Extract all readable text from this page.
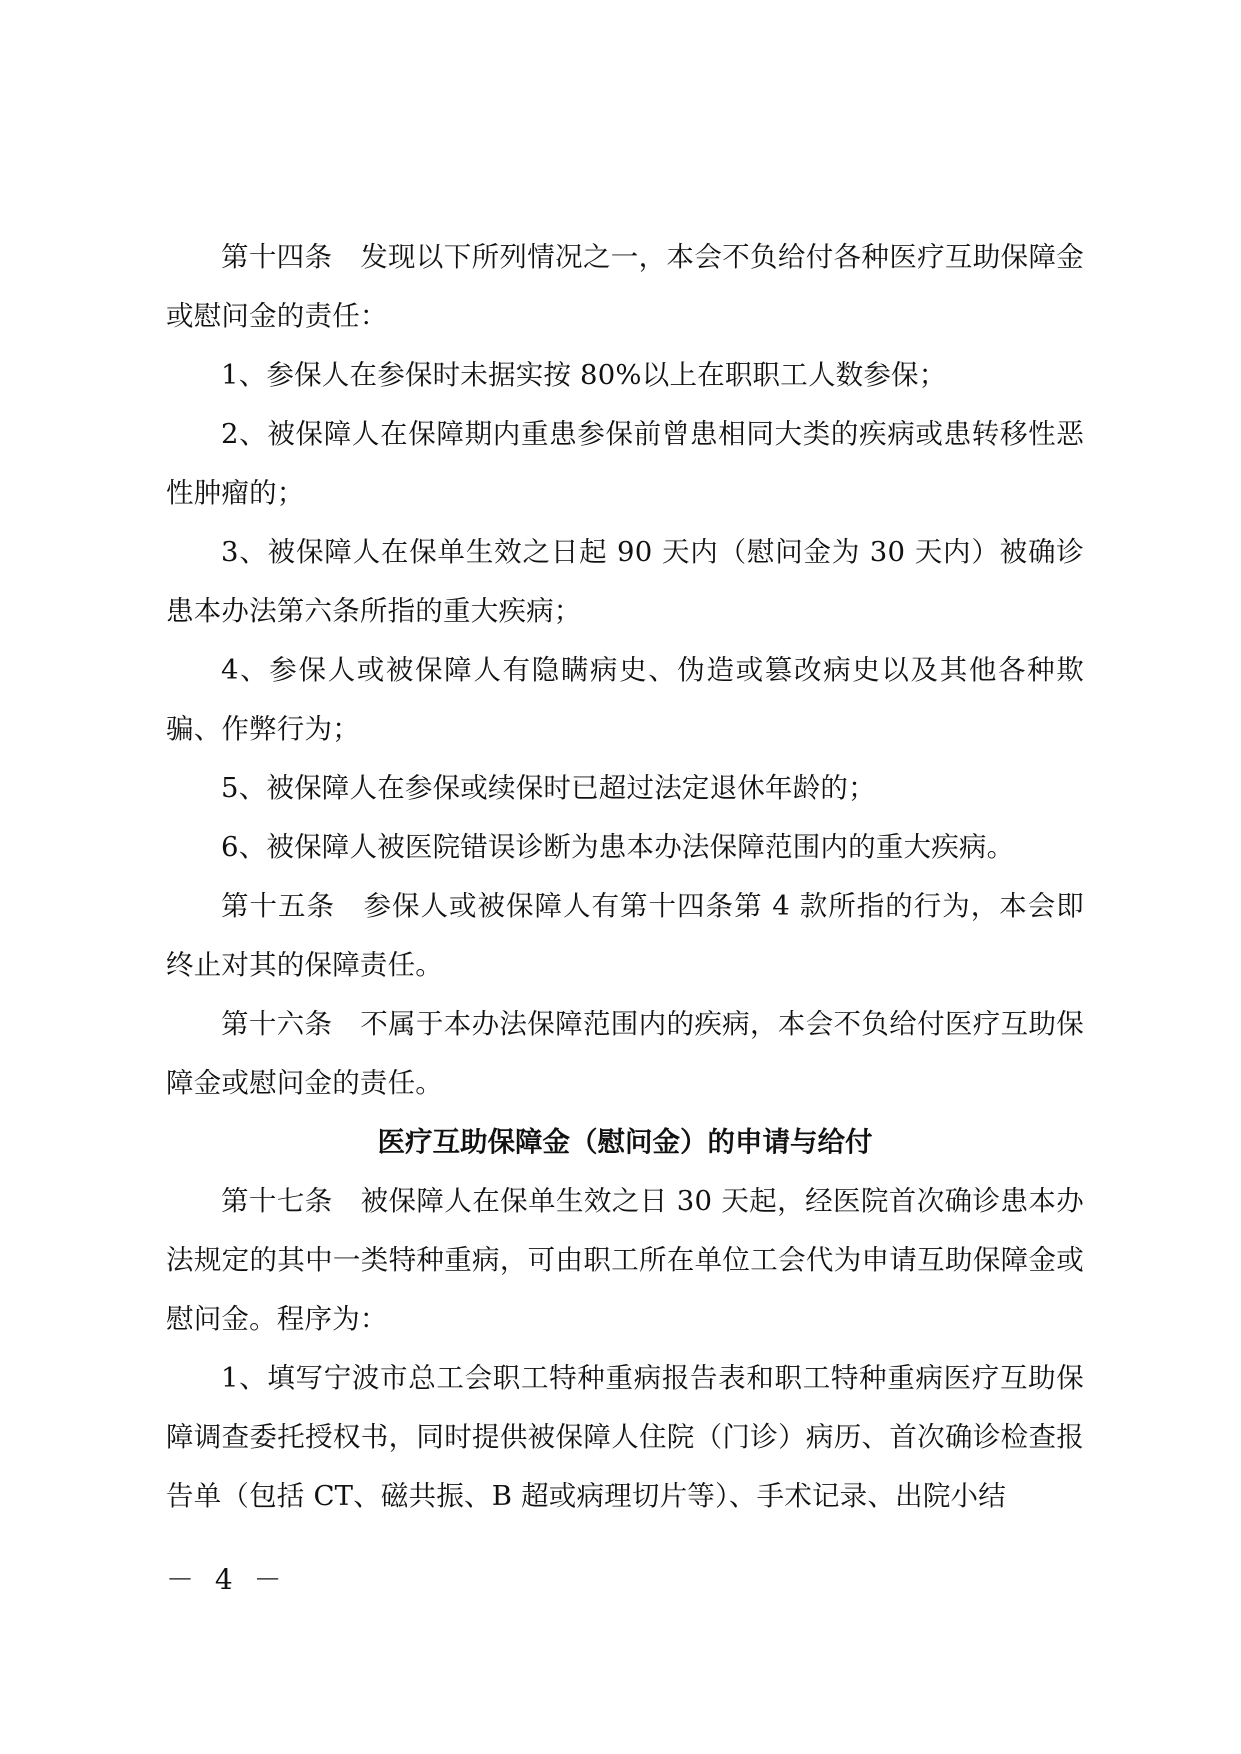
第十四条　发现以下所列情况之一，本会不负给付各种医疗互助保障金或慰问金的责任：

1、参保人在参保时未据实按 80%以上在职职工人数参保；

2、被保障人在保障期内重患参保前曾患相同大类的疾病或患转移性恶性肿瘤的；

3、被保障人在保单生效之日起 90 天内（慰问金为 30 天内）被确诊患本办法第六条所指的重大疾病；

4、参保人或被保障人有隐瞒病史、伪造或篡改病史以及其他各种欺骗、作弊行为；

5、被保障人在参保或续保时已超过法定退休年龄的；

6、被保障人被医院错误诊断为患本办法保障范围内的重大疾病。

第十五条　参保人或被保障人有第十四条第 4 款所指的行为，本会即终止对其的保障责任。

第十六条　不属于本办法保障范围内的疾病，本会不负给付医疗互助保障金或慰问金的责任。

医疗互助保障金（慰问金）的申请与给付

第十七条　被保障人在保单生效之日 30 天起，经医院首次确诊患本办法规定的其中一类特种重病，可由职工所在单位工会代为申请互助保障金或慰问金。程序为：

1、填写宁波市总工会职工特种重病报告表和职工特种重病医疗互助保障调查委托授权书，同时提供被保障人住院（门诊）病历、首次确诊检查报告单（包括 CT、磁共振、B 超或病理切片等）、手术记录、出院小结

－ 4 －
